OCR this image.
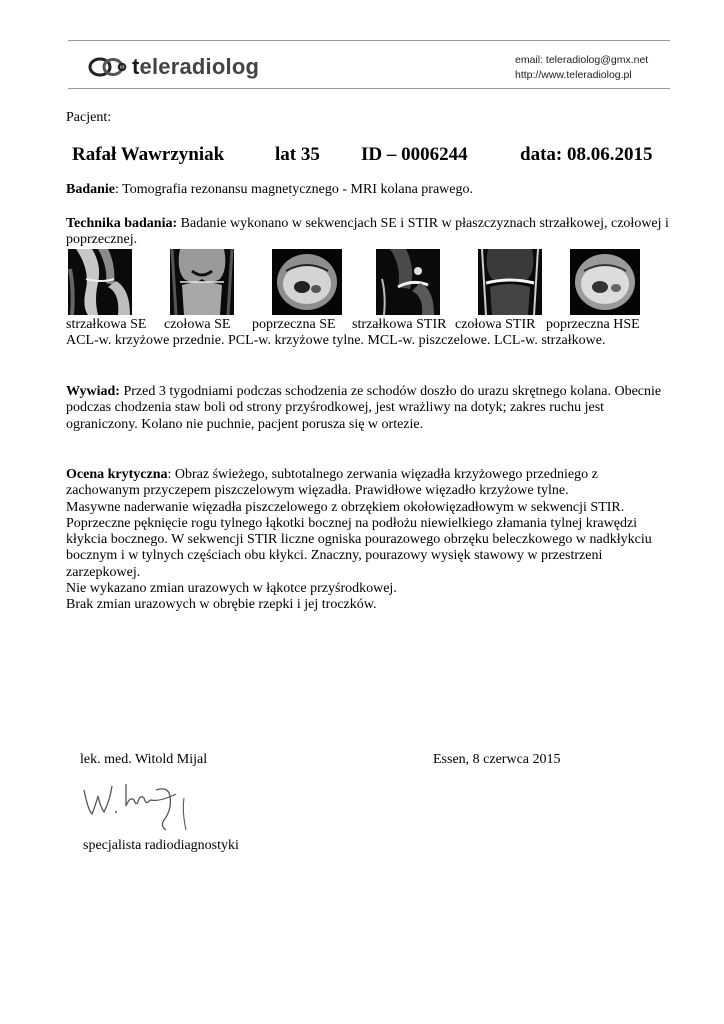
teleradiolog	email: teleradiolog@gmx.net
http://www.teleradiolog.pl
Pacjent:
Rafał Wawrzyniak	lat 35 ID – 0006244	data: 08.06.2015
Badanie: Tomografia rezonansu magnetycznego - MRI kolana prawego.
Technika badania: Badanie wykonano w sekwencjach SE i STIR w płaszczyznach strzałkowej, czołowej i poprzecznej.
strzałkowa SE czołowa SE poprzeczna SE strzałkowa STIR czołowa STIR poprzeczna HSE
ACL-w. krzyżowe przednie. PCL-w. krzyżowe tylne. MCL-w. piszczelowe. LCL-w. strzałkowe.
Wywiad: Przed 3 tygodniami podczas schodzenia ze schodów doszło do urazu skrętnego kolana. Obecnie podczas chodzenia staw boli od strony przyśrodkowej, jest wrażliwy na dotyk; zakres ruchu jest ograniczony. Kolano nie puchnie, pacjent porusza się w ortezie.
Ocena krytyczna: Obraz świeżego, subtotalnego zerwania więzadła krzyżowego przedniego z zachowanym przyczepem piszczelowym więzadła. Prawidłowe więzadło krzyżowe tylne.
Masywne naderwanie więzadła piszczelowego z obrzękiem okołowięzadłowym w sekwencji STIR.
Poprzeczne pęknięcie rogu tylnego łąkotki bocznej na podłożu niewielkiego złamania tylnej krawędzi kłykcia bocznego. W sekwencji STIR liczne ogniska pourazowego obrzęku beleczkowego w nadkłykciu bocznym i w tylnych częściach obu kłykci. Znaczny, pourazowy wysięk stawowy w przestrzeni zarzepkowej.
Nie wykazano zmian urazowych w łąkotce przyśrodkowej.
Brak zmian urazowych w obrębie rzepki i jej troczków.
lek. med. Witold Mijal	Essen, 8 czerwca 2015
specjalista radiodiagnostyki
